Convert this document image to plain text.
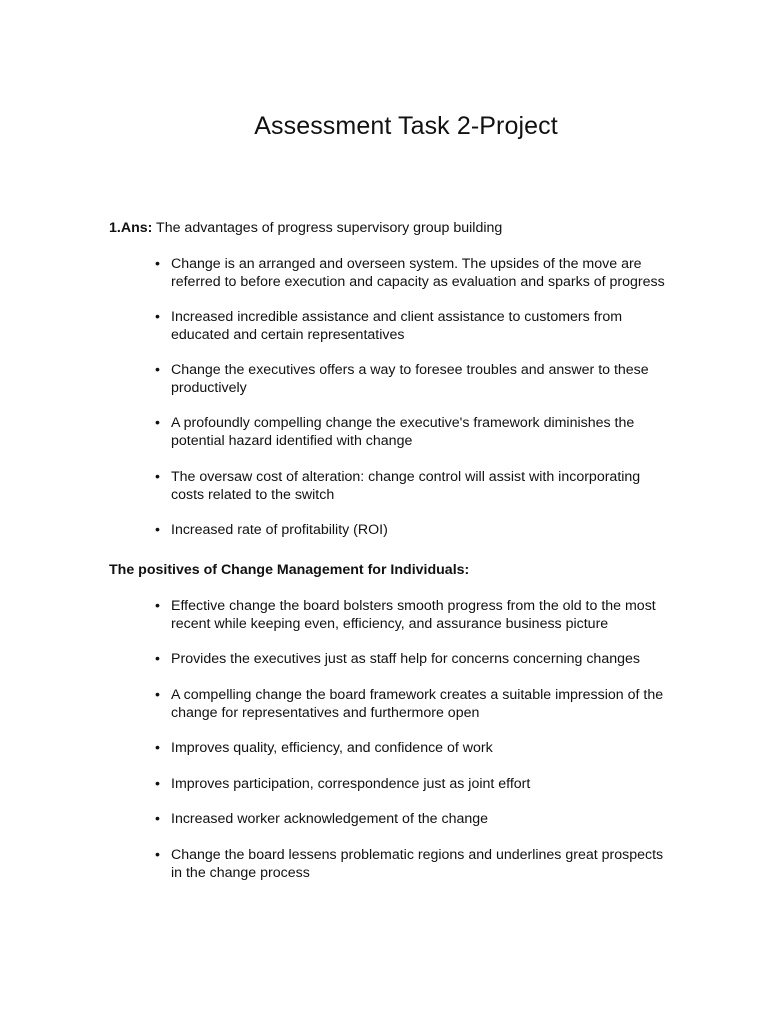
Assessment Task 2-Project

1.Ans: The advantages of progress supervisory group building

• Change is an arranged and overseen system. The upsides of the move are
referred to before execution and capacity as evaluation and sparks of progress
• Increased incredible assistance and client assistance to customers from
educated and certain representatives
• Change the executives offers a way to foresee troubles and answer to these
productively
• A profoundly compelling change the executive's framework diminishes the
potential hazard identified with change
• The oversaw cost of alteration: change control will assist with incorporating
costs related to the switch
• Increased rate of profitability (ROI)

The positives of Change Management for Individuals:

• Effective change the board bolsters smooth progress from the old to the most
recent while keeping even, efficiency, and assurance business picture
• Provides the executives just as staff help for concerns concerning changes
• A compelling change the board framework creates a suitable impression of the
change for representatives and furthermore open
• Improves quality, efficiency, and confidence of work
• Improves participation, correspondence just as joint effort
• Increased worker acknowledgement of the change
• Change the board lessens problematic regions and underlines great prospects
in the change process
